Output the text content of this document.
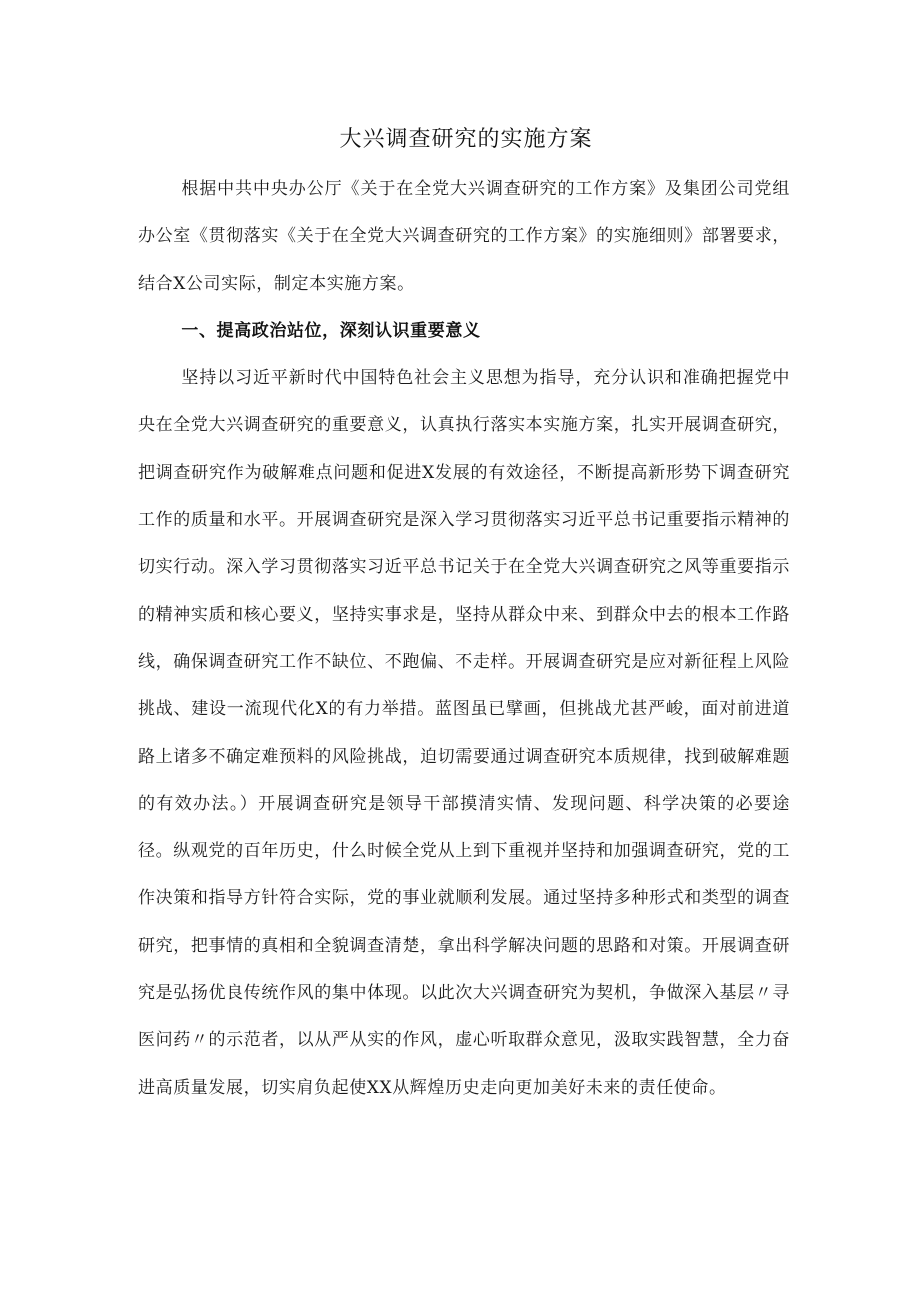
大兴调查研究的实施方案

根据中共中央办公厅《关于在全党大兴调查研究的工作方案》及集团公司党组办公室《贯彻落实《关于在全党大兴调查研究的工作方案》的实施细则》部署要求，结合X公司实际，制定本实施方案。

一、提高政治站位，深刻认识重要意义

坚持以习近平新时代中国特色社会主义思想为指导，充分认识和准确把握党中央在全党大兴调查研究的重要意义，认真执行落实本实施方案，扎实开展调查研究，把调查研究作为破解难点问题和促进X发展的有效途径，不断提高新形势下调查研究工作的质量和水平。开展调查研究是深入学习贯彻落实习近平总书记重要指示精神的切实行动。深入学习贯彻落实习近平总书记关于在全党大兴调查研究之风等重要指示的精神实质和核心要义，坚持实事求是，坚持从群众中来、到群众中去的根本工作路线，确保调查研究工作不缺位、不跑偏、不走样。开展调查研究是应对新征程上风险挑战、建设一流现代化X的有力举措。蓝图虽已擘画，但挑战尤甚严峻，面对前进道路上诸多不确定难预料的风险挑战，迫切需要通过调查研究本质规律，找到破解难题的有效办法。）开展调查研究是领导干部摸清实情、发现问题、科学决策的必要途径。纵观党的百年历史，什么时候全党从上到下重视并坚持和加强调查研究，党的工作决策和指导方针符合实际，党的事业就顺利发展。通过坚持多种形式和类型的调查研究，把事情的真相和全貌调查清楚，拿出科学解决问题的思路和对策。开展调查研究是弘扬优良传统作风的集中体现。以此次大兴调查研究为契机，争做深入基层〃寻医问药〃的示范者，以从严从实的作风，虚心听取群众意见，汲取实践智慧，全力奋进高质量发展，切实肩负起使XX从辉煌历史走向更加美好未来的责任使命。
